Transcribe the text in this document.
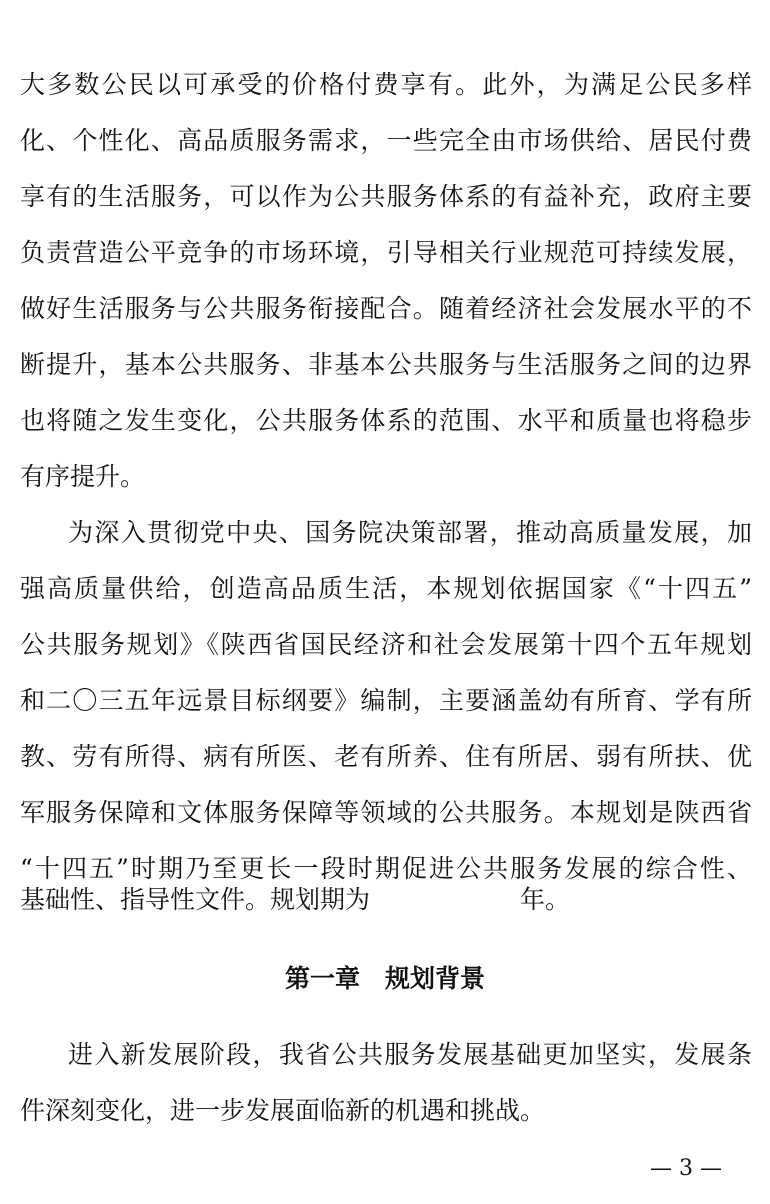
大多数公民以可承受的价格付费享有。此外，为满足公民多样
化、个性化、高品质服务需求，一些完全由市场供给、居民付费
享有的生活服务，可以作为公共服务体系的有益补充，政府主要
负责营造公平竞争的市场环境，引导相关行业规范可持续发展，
做好生活服务与公共服务衔接配合。随着经济社会发展水平的不
断提升，基本公共服务、非基本公共服务与生活服务之间的边界
也将随之发生变化，公共服务体系的范围、水平和质量也将稳步
有序提升。
为深入贯彻党中央、国务院决策部署，推动高质量发展，加
强高质量供给，创造高品质生活，本规划依据国家《“十四五”
公共服务规划》《陕西省国民经济和社会发展第十四个五年规划
和二〇三五年远景目标纲要》编制，主要涵盖幼有所育、学有所
教、劳有所得、病有所医、老有所养、住有所居、弱有所扶、优
军服务保障和文体服务保障等领域的公共服务。本规划是陕西省
“十四五”时期乃至更长一段时期促进公共服务发展的综合性、
基础性、指导性文件。规划期为　　　　　　年。
第一章　规划背景
进入新发展阶段，我省公共服务发展基础更加坚实，发展条
件深刻变化，进一步发展面临新的机遇和挑战。
— 3 —
